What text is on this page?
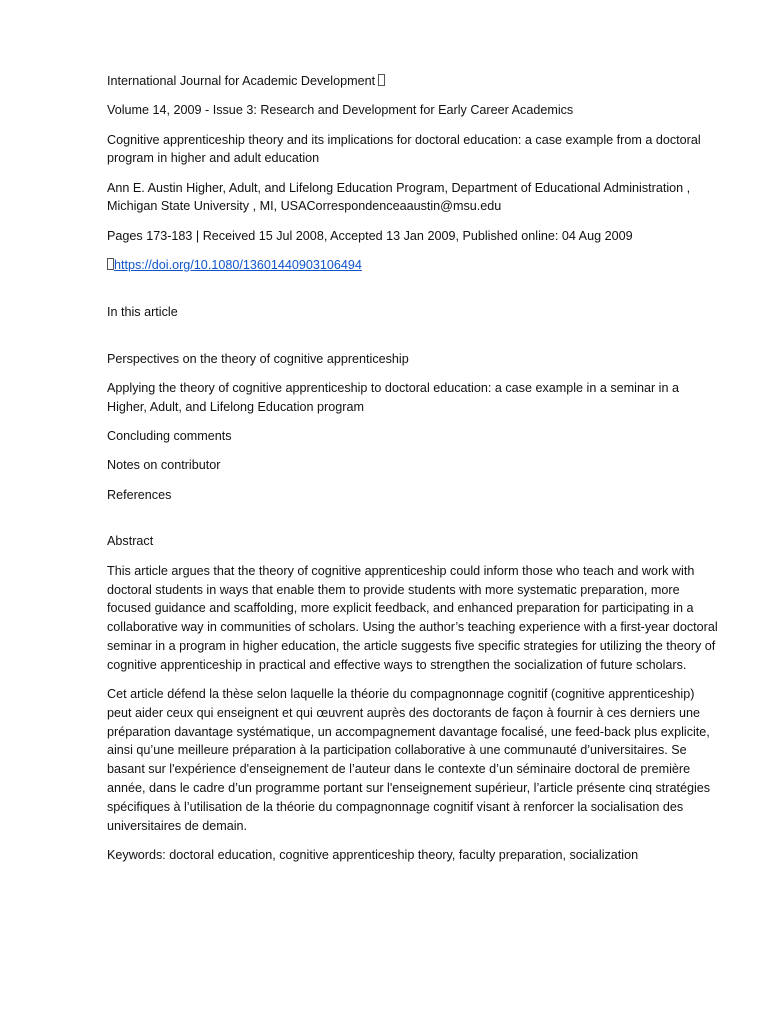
International Journal for Academic Development

Volume 14, 2009 - Issue 3: Research and Development for Early Career Academics

Cognitive apprenticeship theory and its implications for doctoral education: a case example from a doctoral program in higher and adult education

Ann E. Austin Higher, Adult, and Lifelong Education Program, Department of Educational Administration , Michigan State University , MI, USACorrespondenceaaustin@msu.edu

Pages 173-183 | Received 15 Jul 2008, Accepted 13 Jan 2009, Published online: 04 Aug 2009

https://doi.org/10.1080/13601440903106494

In this article

Perspectives on the theory of cognitive apprenticeship

Applying the theory of cognitive apprenticeship to doctoral education: a case example in a seminar in a Higher, Adult, and Lifelong Education program

Concluding comments

Notes on contributor

References

Abstract

This article argues that the theory of cognitive apprenticeship could inform those who teach and work with doctoral students in ways that enable them to provide students with more systematic preparation, more focused guidance and scaffolding, more explicit feedback, and enhanced preparation for participating in a collaborative way in communities of scholars. Using the author’s teaching experience with a first-year doctoral seminar in a program in higher education, the article suggests five specific strategies for utilizing the theory of cognitive apprenticeship in practical and effective ways to strengthen the socialization of future scholars.

Cet article défend la thèse selon laquelle la théorie du compagnonnage cognitif (cognitive apprenticeship) peut aider ceux qui enseignent et qui œuvrent auprès des doctorants de façon à fournir à ces derniers une préparation davantage systématique, un accompagnement davantage focalisé, une feed-back plus explicite, ainsi qu’une meilleure préparation à la participation collaborative à une communauté d’universitaires. Se basant sur l'expérience d'enseignement de l’auteur dans le contexte d’un séminaire doctoral de première année, dans le cadre d’un programme portant sur l'enseignement supérieur, l’article présente cinq stratégies spécifiques à l’utilisation de la théorie du compagnonnage cognitif visant à renforcer la socialisation des universitaires de demain.

Keywords: doctoral education, cognitive apprenticeship theory, faculty preparation, socialization
